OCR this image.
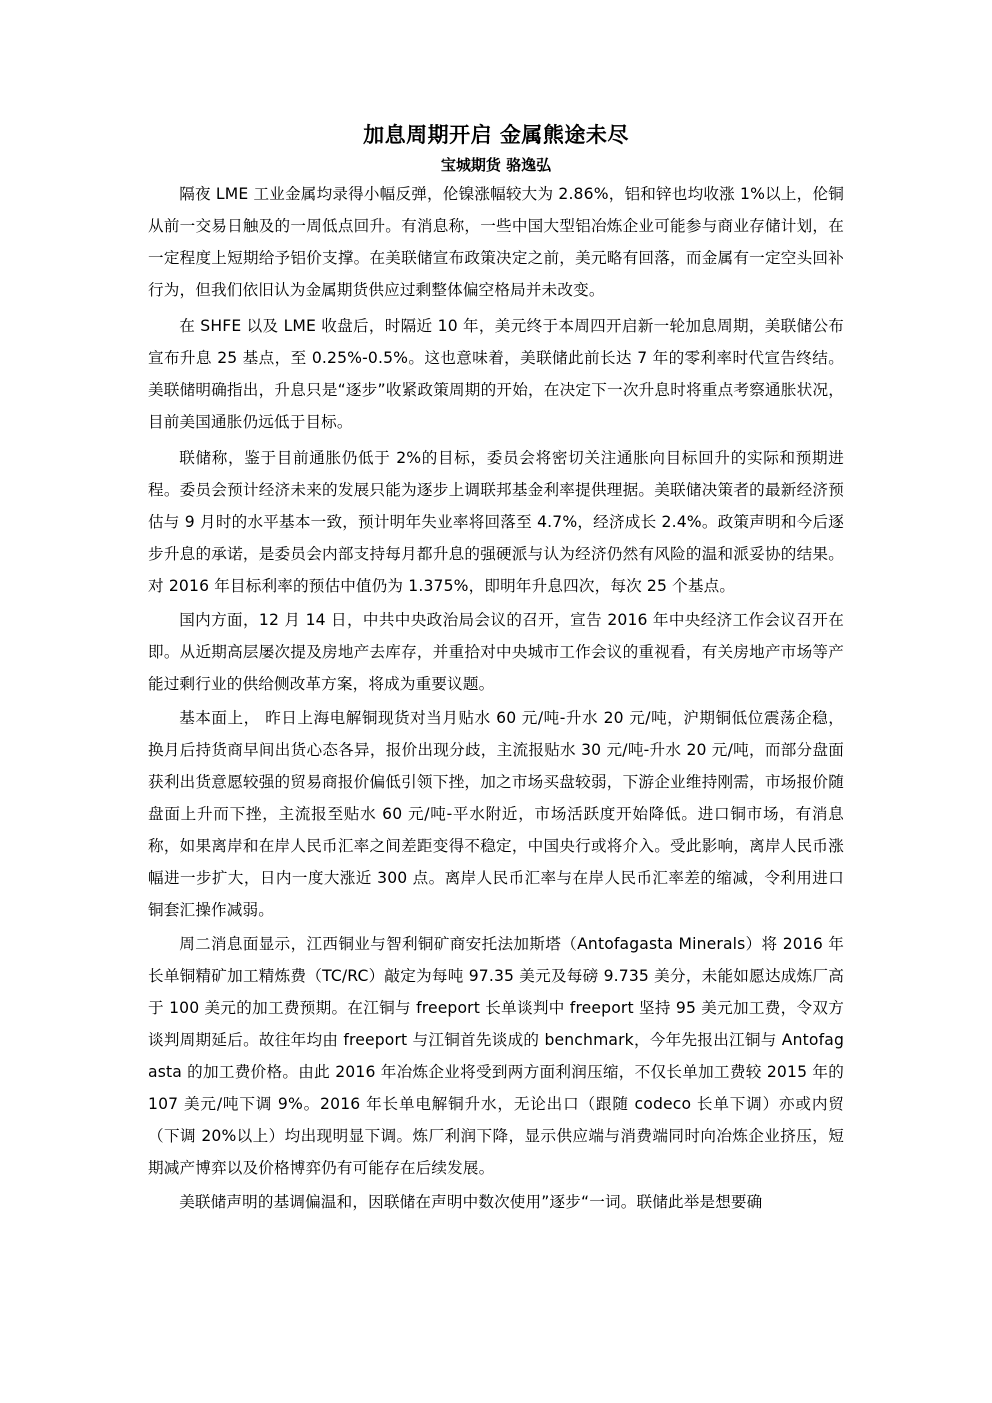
加息周期开启 金属熊途未尽
宝城期货 骆逸弘

隔夜 LME 工业金属均录得小幅反弹，伦镍涨幅较大为 2.86%，铝和锌也均收涨 1%以上，伦铜从前一交易日触及的一周低点回升。有消息称，一些中国大型铝冶炼企业可能参与商业存储计划，在一定程度上短期给予铝价支撑。在美联储宣布政策决定之前，美元略有回落，而金属有一定空头回补行为，但我们依旧认为金属期货供应过剩整体偏空格局并未改变。

在 SHFE 以及 LME 收盘后，时隔近 10 年，美元终于本周四开启新一轮加息周期，美联储公布宣布升息 25 基点，至 0.25%-0.5%。这也意味着，美联储此前长达 7 年的零利率时代宣告终结。美联储明确指出，升息只是“逐步”收紧政策周期的开始，在决定下一次升息时将重点考察通胀状况，目前美国通胀仍远低于目标。

联储称，鉴于目前通胀仍低于 2%的目标，委员会将密切关注通胀向目标回升的实际和预期进程。委员会预计经济未来的发展只能为逐步上调联邦基金利率提供理据。美联储决策者的最新经济预估与 9 月时的水平基本一致，预计明年失业率将回落至 4.7%，经济成长 2.4%。政策声明和今后逐步升息的承诺，是委员会内部支持每月都升息的强硬派与认为经济仍然有风险的温和派妥协的结果。对 2016 年目标利率的预估中值仍为 1.375%，即明年升息四次，每次 25 个基点。

国内方面，12 月 14 日，中共中央政治局会议的召开，宣告 2016 年中央经济工作会议召开在即。从近期高层屡次提及房地产去库存，并重拾对中央城市工作会议的重视看，有关房地产市场等产能过剩行业的供给侧改革方案，将成为重要议题。

基本面上， 昨日上海电解铜现货对当月贴水 60 元/吨-升水 20 元/吨，沪期铜低位震荡企稳，换月后持货商早间出货心态各异，报价出现分歧，主流报贴水 30 元/吨-升水 20 元/吨，而部分盘面获利出货意愿较强的贸易商报价偏低引领下挫，加之市场买盘较弱，下游企业维持刚需，市场报价随盘面上升而下挫，主流报至贴水 60 元/吨-平水附近，市场活跃度开始降低。进口铜市场，有消息称，如果离岸和在岸人民币汇率之间差距变得不稳定，中国央行或将介入。受此影响，离岸人民币涨幅进一步扩大，日内一度大涨近 300 点。离岸人民币汇率与在岸人民币汇率差的缩减，令利用进口铜套汇操作减弱。

周二消息面显示，江西铜业与智利铜矿商安托法加斯塔（Antofagasta Minerals）将 2016 年长单铜精矿加工精炼费（TC/RC）敲定为每吨 97.35 美元及每磅 9.735 美分，未能如愿达成炼厂高于 100 美元的加工费预期。在江铜与 freeport 长单谈判中 freeport 坚持 95 美元加工费，令双方谈判周期延后。故往年均由 freeport 与江铜首先谈成的 benchmark，今年先报出江铜与 Antofagasta 的加工费价格。由此 2016 年冶炼企业将受到两方面利润压缩，不仅长单加工费较 2015 年的 107 美元/吨下调 9%。2016 年长单电解铜升水，无论出口（跟随 codeco 长单下调）亦或内贸（下调 20%以上）均出现明显下调。炼厂利润下降，显示供应端与消费端同时向冶炼企业挤压，短期减产博弈以及价格博弈仍有可能存在后续发展。

美联储声明的基调偏温和，因联储在声明中数次使用”逐步“一词。联储此举是想要确
